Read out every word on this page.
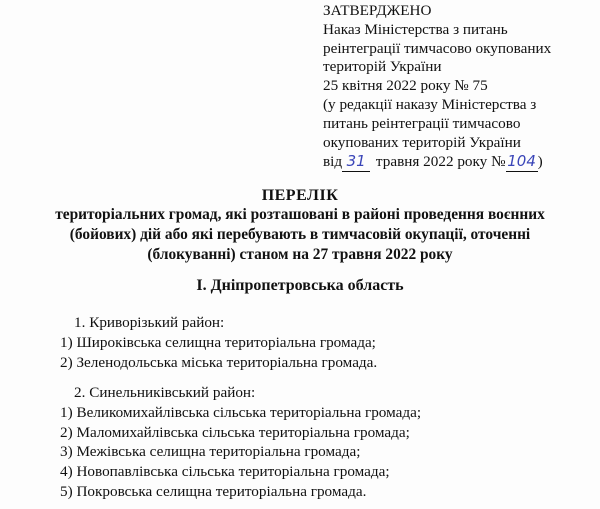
ЗАТВЕРДЖЕНО
Наказ Міністерства з питань
реінтеграції тимчасово окупованих
територій України
25 квітня 2022 року № 75
(у редакції наказу Міністерства з
питань реінтеграції тимчасово
окупованих територій України
від 31 травня 2022 року № 104 )
ПЕРЕЛІК
територіальних громад, які розташовані в районі проведення воєнних
(бойових) дій або які перебувають в тимчасовій окупації, оточенні
(блокуванні) станом на 27 травня 2022 року
І. Дніпропетровська область
1. Криворізький район:
1) Широківська селищна територіальна громада;
2) Зеленодольська міська територіальна громада.
2. Синельниківський район:
1) Великомихайлівська сільська територіальна громада;
2) Маломихайлівська сільська територіальна громада;
3) Межівська селищна територіальна громада;
4) Новопавлівська сільська територіальна громада;
5) Покровська селищна територіальна громада.
